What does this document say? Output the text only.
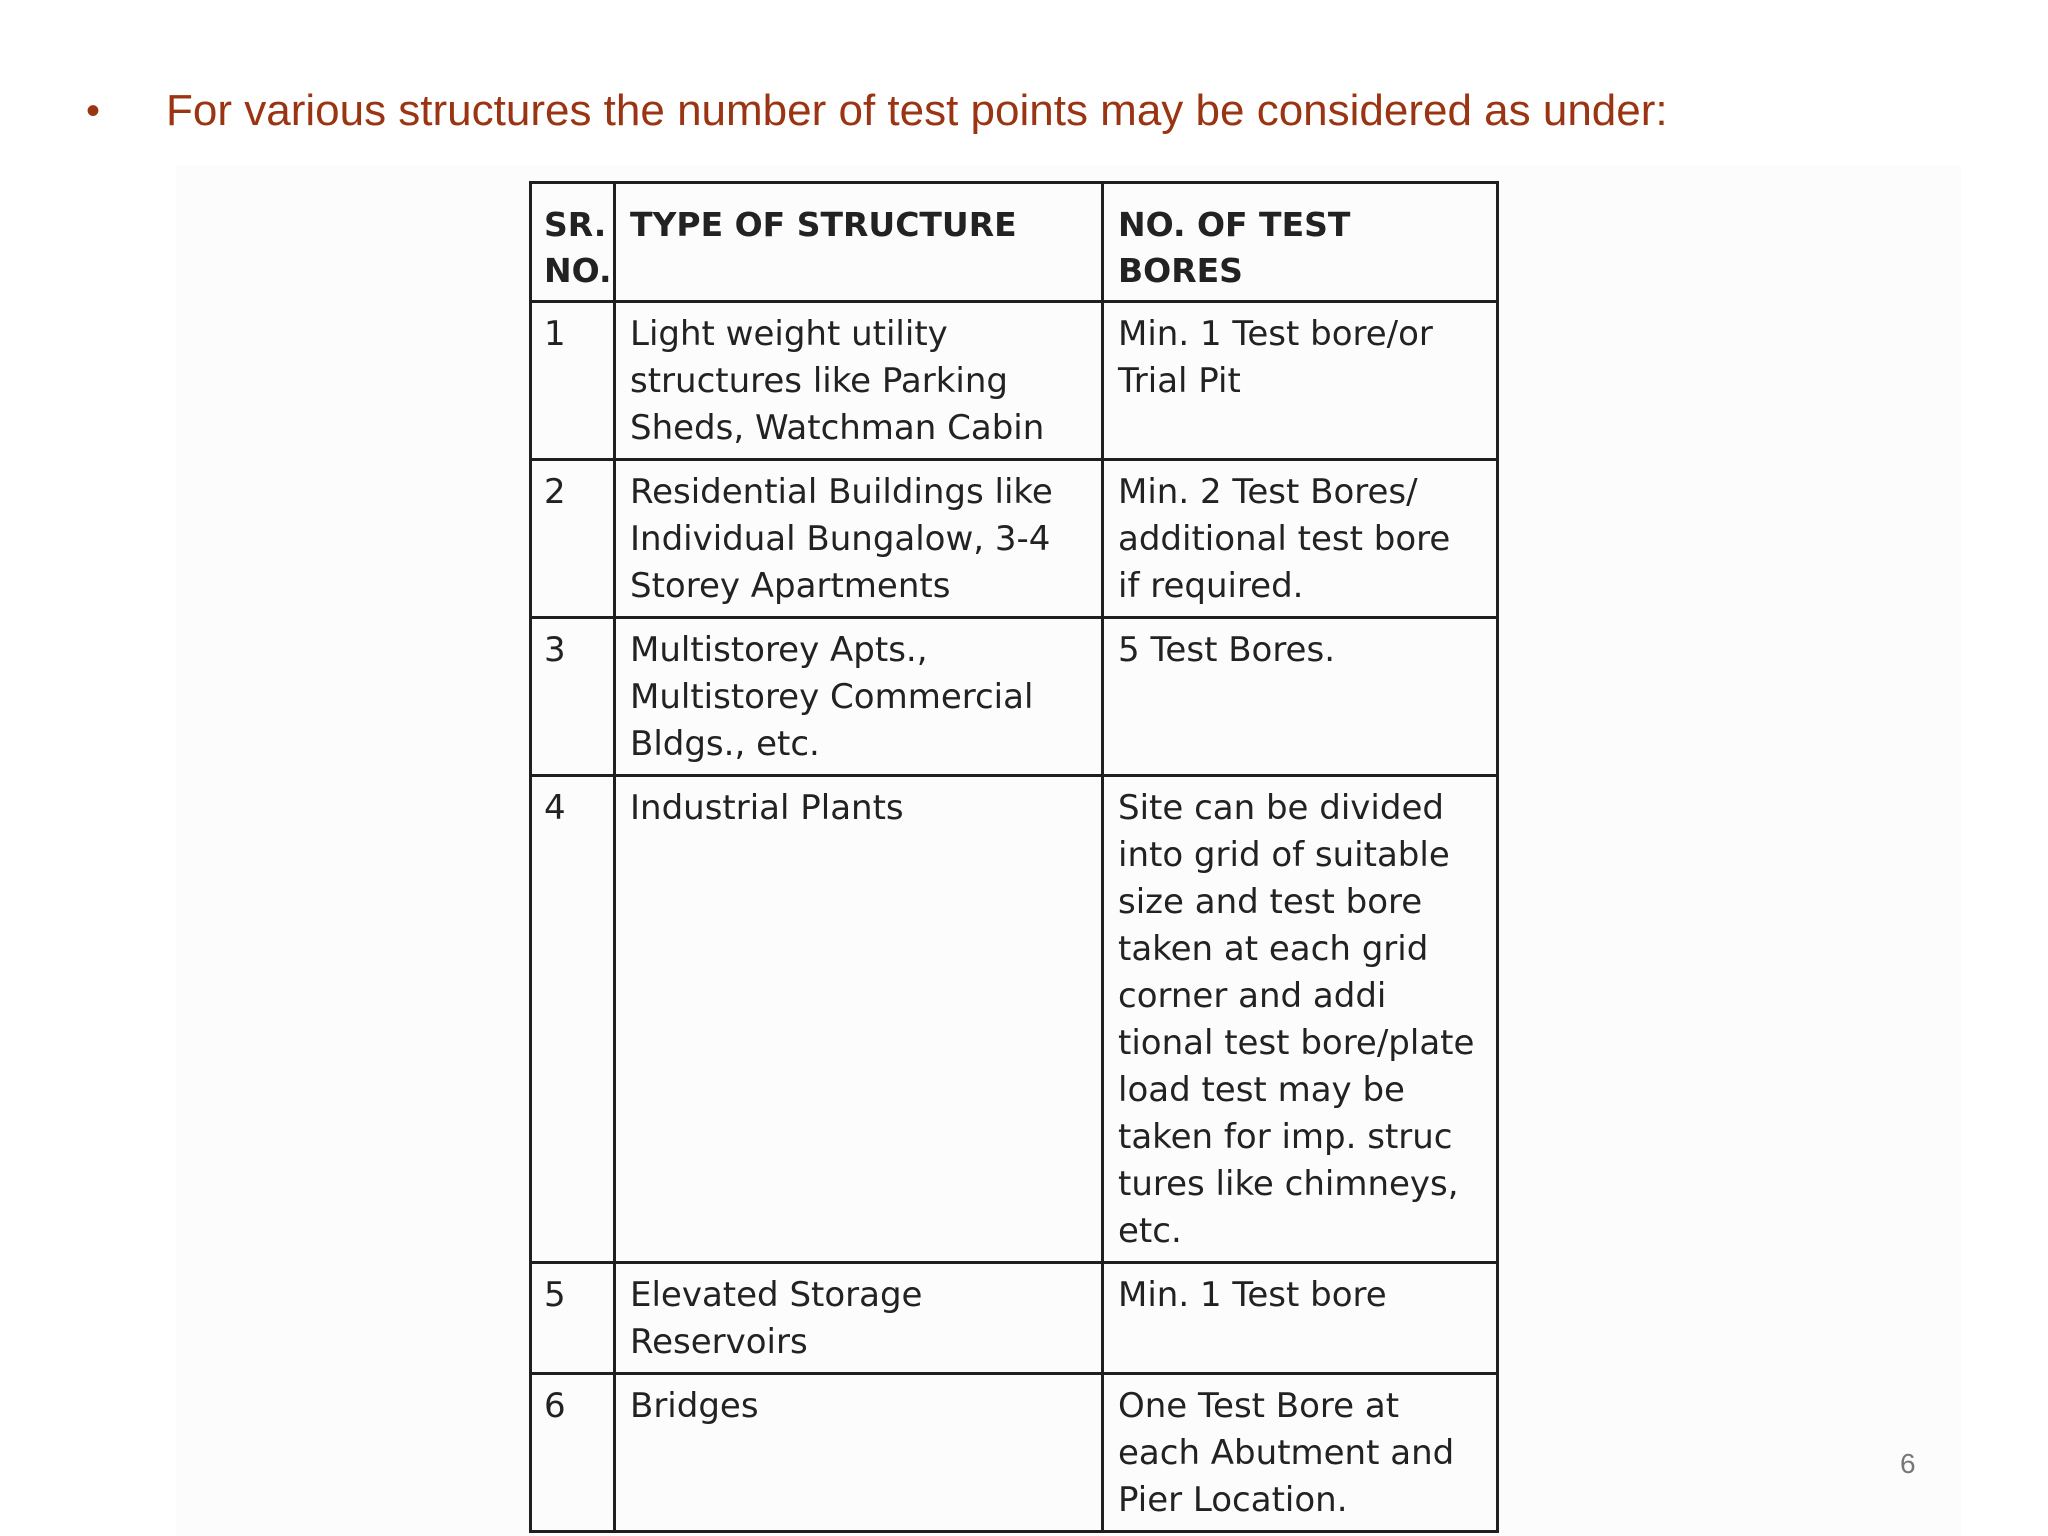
•	For various structures the number of test points may be considered as under:
SR. NO.	TYPE OF STRUCTURE	NO. OF TEST BORES
1	Light weight utility structures like Parking Sheds, Watchman Cabin	Min. 1 Test bore/or Trial Pit
2	Residential Buildings like Individual Bungalow, 3-4 Storey Apartments	Min. 2 Test Bores/ additional test bore if required.
3	Multistorey Apts., Multistorey Commercial Bldgs., etc.	5 Test Bores.
4	Industrial Plants	Site can be divided into grid of suitable size and test bore taken at each grid corner and addi tional test bore/plate load test may be taken for imp. struc tures like chimneys, etc.
5	Elevated Storage Reservoirs	Min. 1 Test bore
6	Bridges	One Test Bore at each Abutment and Pier Location.
6
